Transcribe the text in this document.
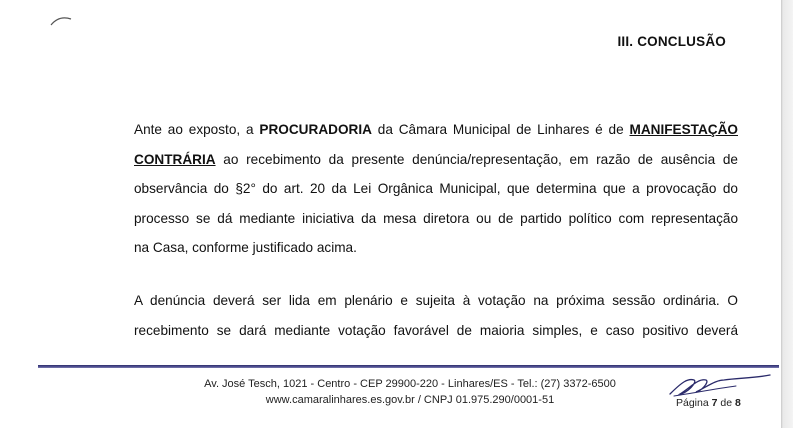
III. CONCLUSÃO
Ante ao exposto, a PROCURADORIA da Câmara Municipal de Linhares é de MANIFESTAÇÃO
CONTRÁRIA ao recebimento da presente denúncia/representação, em razão de ausência de
observância do §2° do art. 20 da Lei Orgânica Municipal, que determina que a provocação do
processo se dá mediante iniciativa da mesa diretora ou de partido político com representação
na Casa, conforme justificado acima.
A denúncia deverá ser lida em plenário e sujeita à votação na próxima sessão ordinária. O
recebimento se dará mediante votação favorável de maioria simples, e caso positivo deverá
Av. José Tesch, 1021 - Centro - CEP 29900-220 - Linhares/ES - Tel.: (27) 3372-6500
www.camaralinhares.es.gov.br / CNPJ 01.975.290/0001-51	Página 7 de 8
